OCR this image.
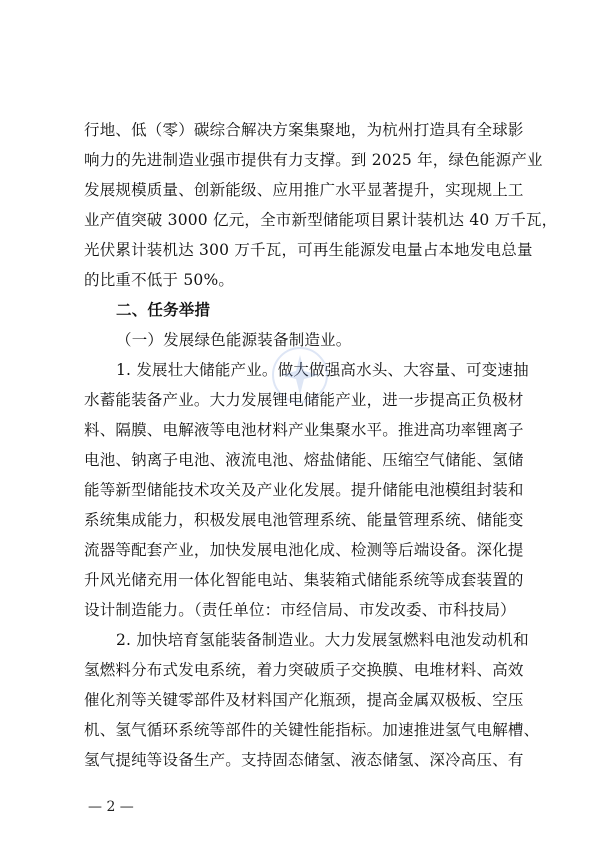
行地、低（零）碳综合解决方案集聚地，为杭州打造具有全球影
响力的先进制造业强市提供有力支撑。到 2025 年，绿色能源产业
发展规模质量、创新能级、应用推广水平显著提升，实现规上工
业产值突破 3000 亿元，全市新型储能项目累计装机达 40 万千瓦，
光伏累计装机达 300 万千瓦，可再生能源发电量占本地发电总量
的比重不低于 50%。
二、任务举措
（一）发展绿色能源装备制造业。
1. 发展壮大储能产业。做大做强高水头、大容量、可变速抽
水蓄能装备产业。大力发展锂电储能产业，进一步提高正负极材
料、隔膜、电解液等电池材料产业集聚水平。推进高功率锂离子
电池、钠离子电池、液流电池、熔盐储能、压缩空气储能、氢储
能等新型储能技术攻关及产业化发展。提升储能电池模组封装和
系统集成能力，积极发展电池管理系统、能量管理系统、储能变
流器等配套产业，加快发展电池化成、检测等后端设备。深化提
升风光储充用一体化智能电站、集装箱式储能系统等成套装置的
设计制造能力。（责任单位：市经信局、市发改委、市科技局）
2. 加快培育氢能装备制造业。大力发展氢燃料电池发动机和
氢燃料分布式发电系统，着力突破质子交换膜、电堆材料、高效
催化剂等关键零部件及材料国产化瓶颈，提高金属双极板、空压
机、氢气循环系统等部件的关键性能指标。加速推进氢气电解槽、
氢气提纯等设备生产。支持固态储氢、液态储氢、深冷高压、有
— 2 —
